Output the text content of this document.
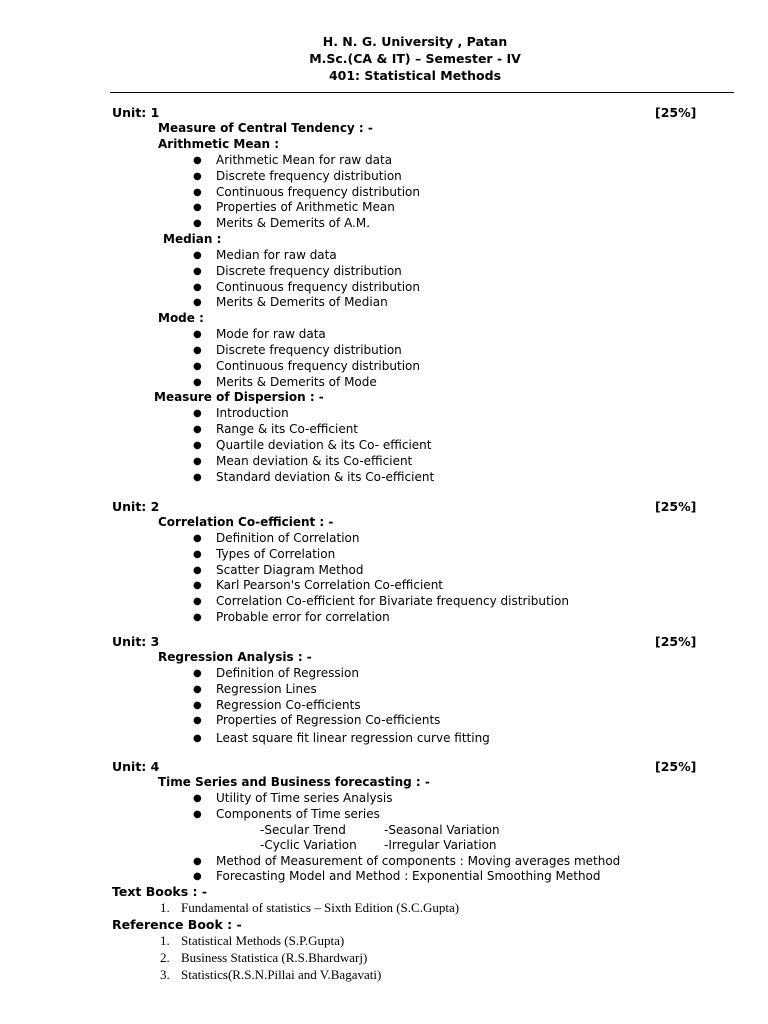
H. N. G. University , Patan
M.Sc.(CA & IT) – Semester - IV
401: Statistical Methods
Unit: 1	[25%]
Measure of Central Tendency : -
Arithmetic Mean :
● Arithmetic Mean for raw data
● Discrete frequency distribution
● Continuous frequency distribution
● Properties of Arithmetic Mean
● Merits & Demerits of A.M.
Median :
● Median for raw data
● Discrete frequency distribution
● Continuous frequency distribution
● Merits & Demerits of Median
Mode :
● Mode for raw data
● Discrete frequency distribution
● Continuous frequency distribution
● Merits & Demerits of Mode
Measure of Dispersion : -
● Introduction
● Range & its Co-efficient
● Quartile deviation & its Co- efficient
● Mean deviation & its Co-efficient
● Standard deviation & its Co-efficient
Unit: 2	[25%]
Correlation Co-efficient : -
● Definition of Correlation
● Types of Correlation
● Scatter Diagram Method
● Karl Pearson's Correlation Co-efficient
● Correlation Co-efficient for Bivariate frequency distribution
● Probable error for correlation
Unit: 3	[25%]
Regression Analysis : -
● Definition of Regression
● Regression Lines
● Regression Co-efficients
● Properties of Regression Co-efficients
● Least square fit linear regression curve fitting
Unit: 4	[25%]
Time Series and Business forecasting : -
● Utility of Time series Analysis
● Components of Time series
-Secular Trend	-Seasonal Variation
-Cyclic Variation -Irregular Variation
● Method of Measurement of components : Moving averages method
● Forecasting Model and Method : Exponential Smoothing Method
Text Books : -
1. Fundamental of statistics – Sixth Edition (S.C.Gupta)
Reference Book : -
1. Statistical Methods (S.P.Gupta)
2. Business Statistica (R.S.Bhardwarj)
3. Statistics(R.S.N.Pillai and V.Bagavati)
